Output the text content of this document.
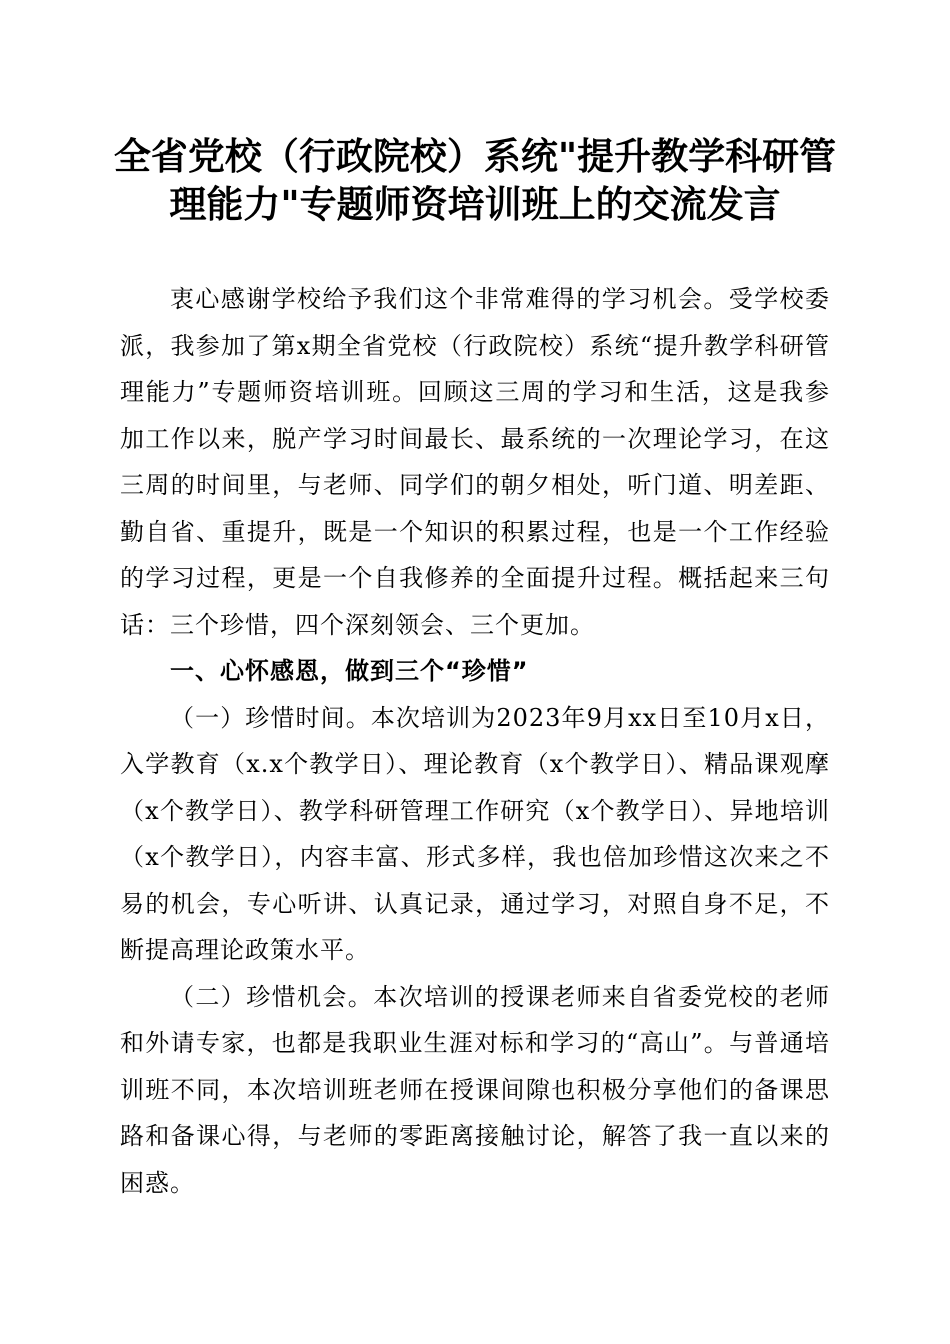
全省党校（行政院校）系统"提升教学科研管
理能力"专题师资培训班上的交流发言

衷心感谢学校给予我们这个非常难得的学习机会。受学校委派，我参加了第x期全省党校（行政院校）系统“提升教学科研管理能力”专题师资培训班。回顾这三周的学习和生活，这是我参加工作以来，脱产学习时间最长、最系统的一次理论学习，在这三周的时间里，与老师、同学们的朝夕相处，听门道、明差距、勤自省、重提升，既是一个知识的积累过程，也是一个工作经验的学习过程，更是一个自我修养的全面提升过程。概括起来三句话：三个珍惜，四个深刻领会、三个更加。

一、心怀感恩，做到三个“珍惜”

（一）珍惜时间。本次培训为2023年9月xx日至10月x日，入学教育（x.x个教学日）、理论教育（x个教学日）、精品课观摩（x个教学日）、教学科研管理工作研究（x个教学日）、异地培训（x个教学日），内容丰富、形式多样，我也倍加珍惜这次来之不易的机会，专心听讲、认真记录，通过学习，对照自身不足，不断提高理论政策水平。

（二）珍惜机会。本次培训的授课老师来自省委党校的老师和外请专家，也都是我职业生涯对标和学习的“高山”。与普通培训班不同，本次培训班老师在授课间隙也积极分享他们的备课思路和备课心得，与老师的零距离接触讨论，解答了我一直以来的困惑。
